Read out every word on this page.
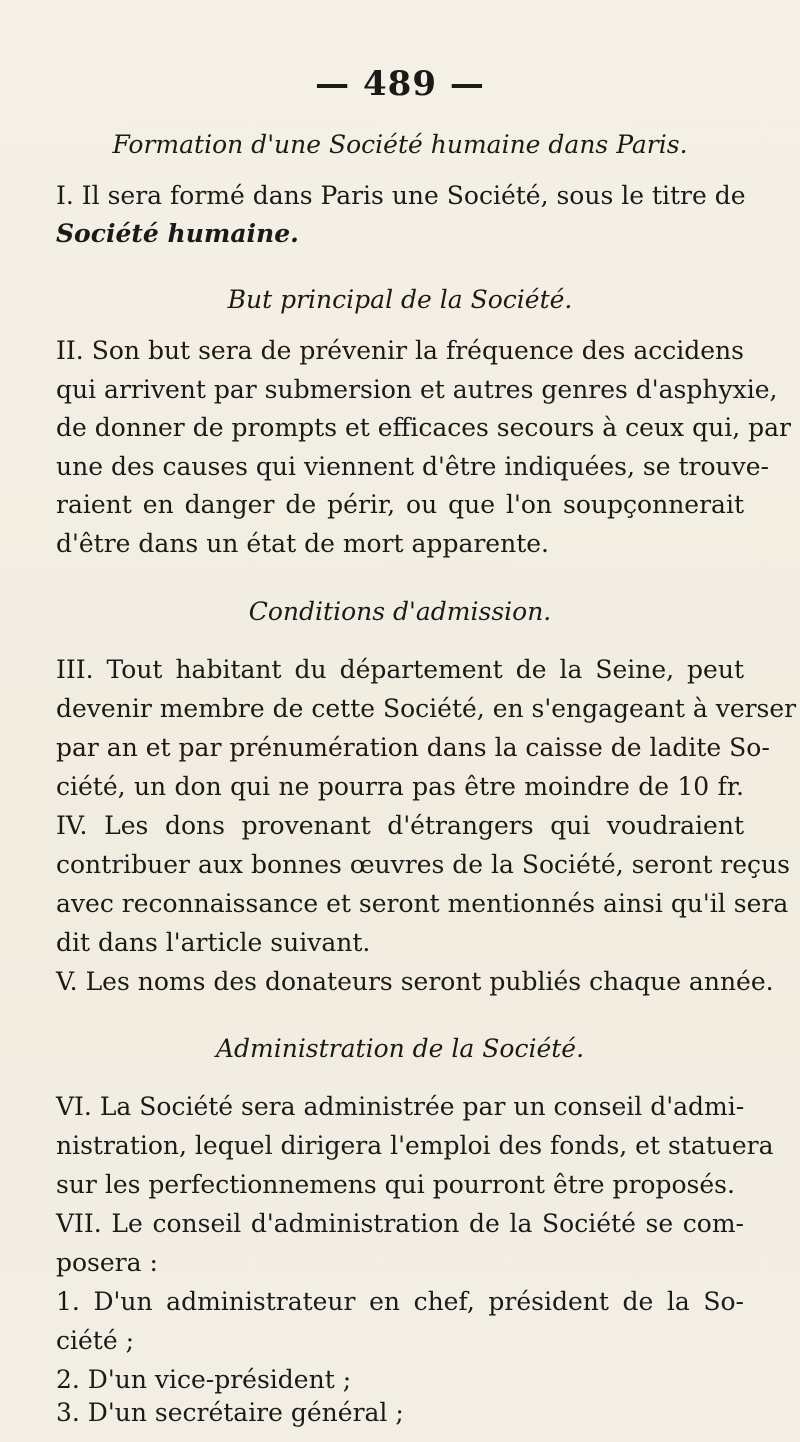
— 489 —
Formation d'une Société humaine dans Paris.
I. Il sera formé dans Paris une Société, sous le titre de
Société humaine.
But principal de la Société.
II. Son but sera de prévenir la fréquence des accidens
qui arrivent par submersion et autres genres d'asphyxie,
de donner de prompts et efficaces secours à ceux qui, par
une des causes qui viennent d'être indiquées, se trouve-
raient en danger de périr, ou que l'on soupçonnerait
d'être dans un état de mort apparente.
Conditions d'admission.
III. Tout habitant du département de la Seine, peut
devenir membre de cette Société, en s'engageant à verser
par an et par prénumération dans la caisse de ladite So-
ciété, un don qui ne pourra pas être moindre de 10 fr.
IV. Les dons provenant d'étrangers qui voudraient
contribuer aux bonnes œuvres de la Société, seront reçus
avec reconnaissance et seront mentionnés ainsi qu'il sera
dit dans l'article suivant.
V. Les noms des donateurs seront publiés chaque année.
Administration de la Société.
VI. La Société sera administrée par un conseil d'admi-
nistration, lequel dirigera l'emploi des fonds, et statuera
sur les perfectionnemens qui pourront être proposés.
VII. Le conseil d'administration de la Société se com-
posera :
1. D'un administrateur en chef, président de la So-
ciété ;
2. D'un vice-président ;
3. D'un secrétaire général ;
